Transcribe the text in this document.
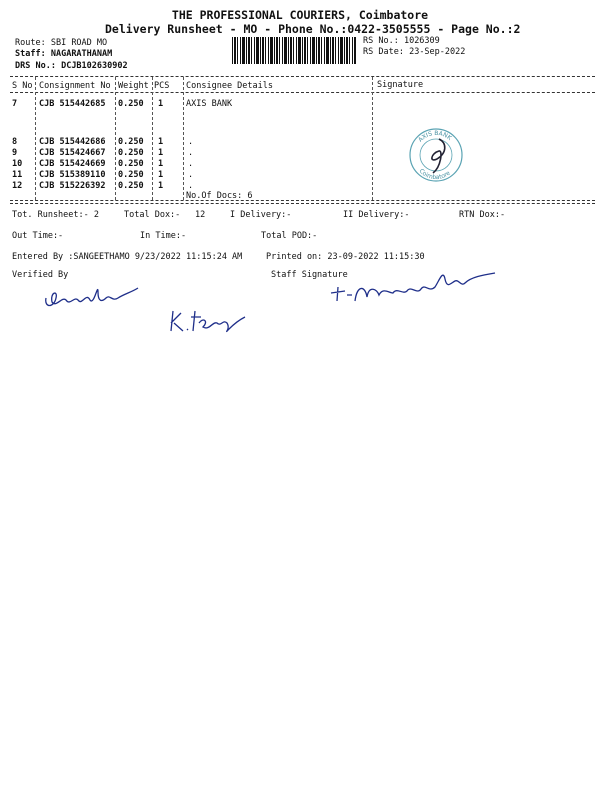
THE PROFESSIONAL COURIERS, Coimbatore
Delivery Runsheet - MO - Phone No.:0422-3505555 - Page No.:2
Route: SBI ROAD MO
Staff: NAGARATHANAM
DRS No.: DCJB102630902
RS No.: 1026309
RS Date: 23-Sep-2022
S No Consignment No Weight PCS Consignee Details	Signature
7	CJB 515442685 0.250 1	AXIS BANK
8	CJB 515442686 0.250 1	.
9	CJB 515424667 0.250 1	.
10 CJB 515424669 0.250 1	.
11 CJB 515389110 0.250 1	.
12 CJB 515226392 0.250 1	.
No.Of Docs: 6
AXIS BANK
Coimbatore
Tot. Runsheet:- 2	Total Dox:- 12	I Delivery:-	II Delivery:-	RTN Dox:-
Out Time:-	In Time:-	Total POD:-
Entered By :SANGEETHAMO 9/23/2022 11:15:24 AM	Printed on: 23-09-2022 11:15:30
Verified By	Staff Signature
